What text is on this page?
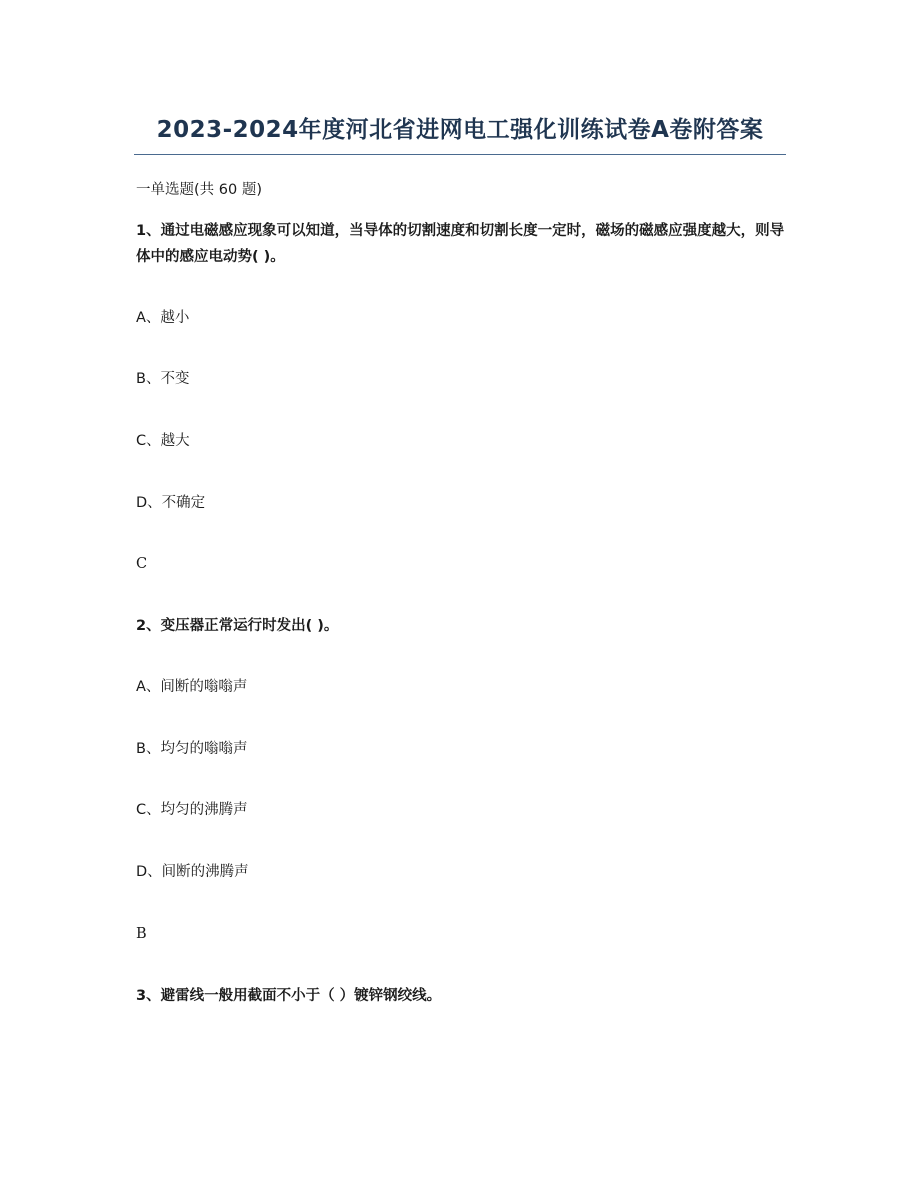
2023-2024年度河北省进网电工强化训练试卷A卷附答案
一单选题(共 60 题)
1、通过电磁感应现象可以知道，当导体的切割速度和切割长度一定时，磁场的磁感应强度越大，则导体中的感应电动势( )。
A、越小
B、不变
C、越大
D、不确定
C
2、变压器正常运行时发出( )。
A、间断的嗡嗡声
B、均匀的嗡嗡声
C、均匀的沸腾声
D、间断的沸腾声
B
3、避雷线一般用截面不小于（ ）镀锌钢绞线。
